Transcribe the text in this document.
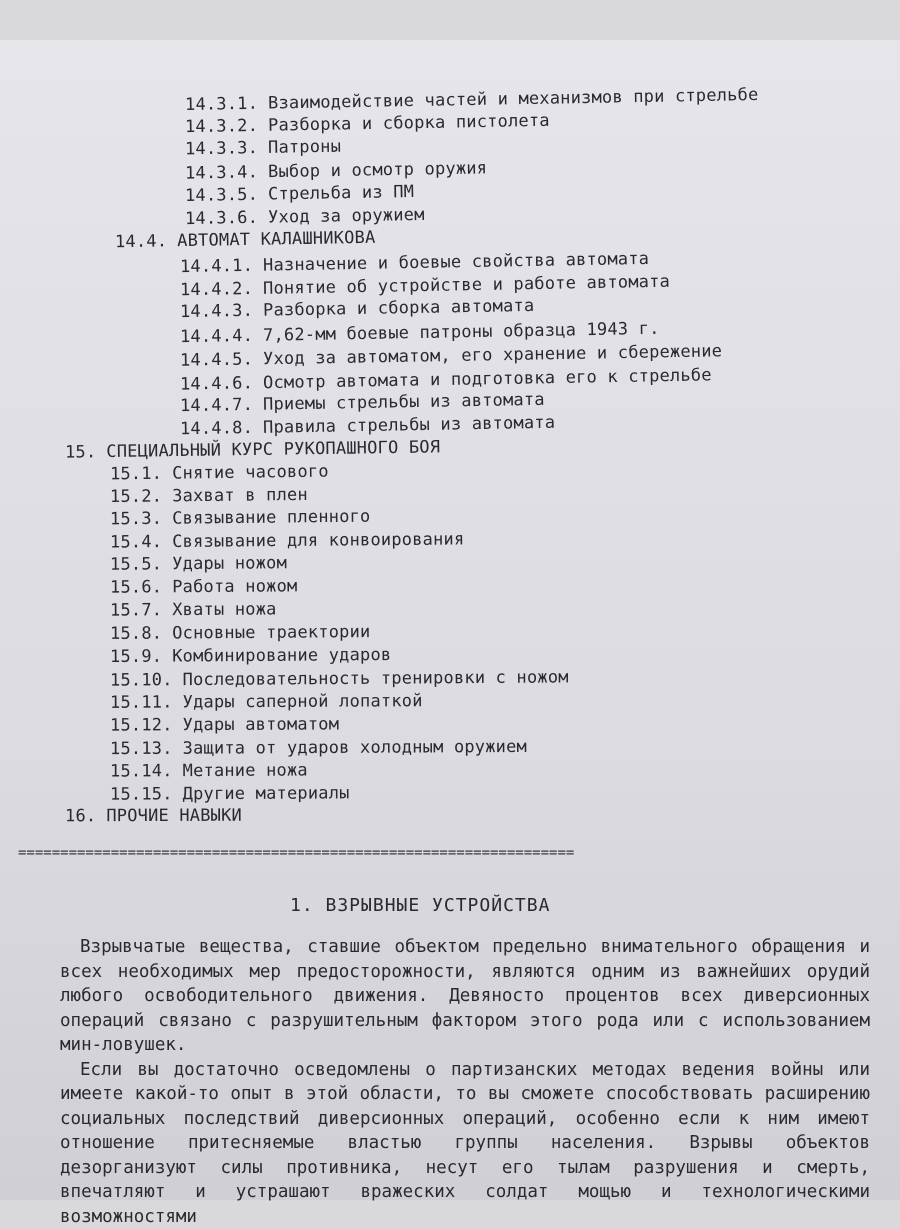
14.3.1. Взаимодействие частей и механизмов при стрельбе
14.3.2. Разборка и сборка пистолета
14.3.3. Патроны
14.3.4. Выбор и осмотр оружия
14.3.5. Стрельба из ПМ
14.3.6. Уход за оружием
14.4. АВТОМАТ КАЛАШНИКОВА
14.4.1. Назначение и боевые свойства автомата
14.4.2. Понятие об устройстве и работе автомата
14.4.3. Разборка и сборка автомата
14.4.4. 7,62-мм боевые патроны образца 1943 г.
14.4.5. Уход за автоматом, его хранение и сбережение
14.4.6. Осмотр автомата и подготовка его к стрельбе
14.4.7. Приемы стрельбы из автомата
14.4.8. Правила стрельбы из автомата
15. СПЕЦИАЛЬНЫЙ КУРС РУКОПАШНОГО БОЯ
15.1. Снятие часового
15.2. Захват в плен
15.3. Связывание пленного
15.4. Связывание для конвоирования
15.5. Удары ножом
15.6. Работа ножом
15.7. Хваты ножа
15.8. Основные траектории
15.9. Комбинирование ударов
15.10. Последовательность тренировки с ножом
15.11. Удары саперной лопаткой
15.12. Удары автоматом
15.13. Защита от ударов холодным оружием
15.14. Метание ножа
15.15. Другие материалы
16. ПРОЧИЕ НАВЫКИ
==================================================================
1. ВЗРЫВНЫЕ УСТРОЙСТВА

Взрывчатые вещества, ставшие объектом предельно внимательного обращения и всех необходимых мер предосторожности, являются одним из важнейших орудий любого освободительного движения. Девяносто процентов всех диверсионных операций связано с разрушительным фактором этого рода или с использованием мин-ловушек.

Если вы достаточно осведомлены о партизанских методах ведения войны или имеете какой-то опыт в этой области, то вы сможете способствовать расширению социальных последствий диверсионных операций, особенно если к ним имеют отношение притесняемые властью группы населения. Взрывы объектов дезорганизуют силы противника, несут его тылам разрушения и смерть, впечатляют и устрашают вражеских солдат мощью и технологическими возможностями
